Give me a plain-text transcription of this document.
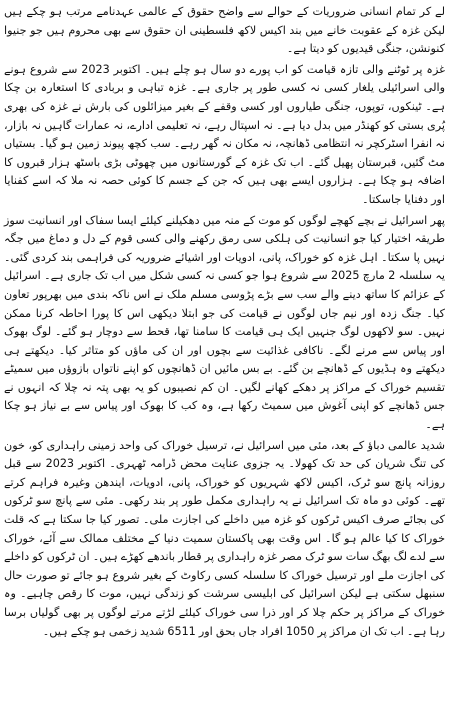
لے کر تمام انسانی ضروریات کے حوالے سے واضح حقوق کے عالمی عہدنامے مرتب ہو چکے ہیں لیکن غزہ کے عقوبت خانے میں بند اکیس لاکھ فلسطینی ان حقوق سے بھی محروم ہیں جو جنیوا کنونشن، جنگی قیدیوں کو دیتا ہے۔

غزہ پر ٹوٹنے والی تازہ قیامت کو اب پورے دو سال ہو چلے ہیں۔ اکتوبر 2023 سے شروع ہونے والی اسرائیلی یلغار کسی نہ کسی طور پر جاری ہے۔ غزہ تباہی و بربادی کا استعارہ بن چکا ہے۔ ٹینکوں، توپوں، جنگی طیاروں اور کسی وقفے کے بغیر میزائلوں کی بارش نے غزہ کی بھری پُری بستی کو کھنڈر میں بدل دیا ہے۔ نہ اسپتال رہے، نہ تعلیمی ادارے، نہ عمارات گاہیں نہ بازار، نہ انفرا اسٹرکچر نہ انتظامی ڈھانچہ، نہ مکان نہ گھر رہے۔ سب کچھ پیوند زمین ہو گیا۔ بستیاں مٹ گئیں، قبرستان پھیل گئے۔ اب تک غزہ کے گورستانوں میں چھوٹی بڑی باسٹھ ہزار قبروں کا اضافہ ہو چکا ہے۔ ہزاروں ایسے بھی ہیں کہ جن کے جسم کا کوئی حصہ نہ ملا کہ اسے کفنایا اور دفنایا جاسکتا۔

پھر اسرائیل نے بچے کھچے لوگوں کو موت کے منہ میں دھکیلنے کیلئے ایسا سفاک اور انسانیت سوز طریقہ اختیار کیا جو انسانیت کی ہلکی سی رمق رکھنے والی کسی قوم کے دل و دماغ میں جگہ نہیں پا سکتا۔ اہل غزہ کو خوراک، پانی، ادویات اور اشیائے ضروریہ کی فراہمی بند کردی گئی۔ یہ سلسلہ 2 مارچ 2025 سے شروع ہوا جو کسی نہ کسی شکل میں اب تک جاری ہے۔ اسرائیل کے عزائم کا ساتھ دینے والے سب سے بڑے پڑوسی مسلم ملک نے اس ناکہ بندی میں بھرپور تعاون کیا۔ جنگ زدہ اور نیم جاں لوگوں نے قیامت کی جو ابتلا دیکھی اس کا پورا احاطہ کرنا ممکن نہیں۔ سو لاکھوں لوگ جنہیں ایک ہی قیامت کا سامنا تھا، قحط سے دوچار ہو گئے۔ لوگ بھوک اور پیاس سے مرنے لگے۔ ناکافی غذائیت سے بچوں اور ان کی ماؤں کو متاثر کیا۔ دیکھتے ہی دیکھتے وہ ہڈیوں کے ڈھانچے بن گئے۔ بے بس مائیں ان ڈھانچوں کو اپنے ناتواں بازوؤں میں سمیٹے تقسیم خوراک کے مراکز پر دھکے کھانے لگیں۔ ان کم نصیبوں کو یہ بھی پتہ نہ چلا کہ انہوں نے جس ڈھانچے کو اپنی آغوش میں سمیٹ رکھا ہے، وہ کب کا بھوک اور پیاس سے بے نیاز ہو چکا ہے۔

شدید عالمی دباؤ کے بعد، مئی میں اسرائیل نے، ترسیل خوراک کی واحد زمینی راہداری کو، خون کی تنگ شریان کی حد تک کھولا۔ یہ جزوی عنایت محض ڈرامہ ٹھہری۔ اکتوبر 2023 سے قبل روزانہ پانچ سو ٹرک، اکیس لاکھ شہریوں کو خوراک، پانی، ادویات، ایندھن وغیرہ فراہم کرتے تھے۔ کوئی دو ماہ تک اسرائیل نے یہ راہداری مکمل طور پر بند رکھی۔ مئی سے پانچ سو ٹرکوں کی بجائے صرف اکیس ٹرکوں کو غزہ میں داخلے کی اجازت ملی۔ تصور کیا جا سکتا ہے کہ قلت خوراک کا کیا عالم ہو گا۔ اس وقت بھی پاکستان سمیت دنیا کے مختلف ممالک سے آئے، خوراک سے لدے لگ بھگ سات سو ٹرک مصر غزہ راہداری پر قطار باندھے کھڑے ہیں۔ ان ٹرکوں کو داخلے کی اجازت ملے اور ترسیل خوراک کا سلسلہ کسی رکاوٹ کے بغیر شروع ہو جائے تو صورت حال سنبھل سکتی ہے لیکن اسرائیل کی ابلیسی سرشت کو زندگی نہیں، موت کا رقص چاہیے۔ وہ خوراک کے مراکز پر حکم چلا کر اور ذرا سی خوراک کیلئے لڑتے مرتے لوگوں پر بھی گولیاں برسا رہا ہے۔ اب تک ان مراکز پر 1050 افراد جاں بحق اور 6511 شدید زخمی ہو چکے ہیں۔
